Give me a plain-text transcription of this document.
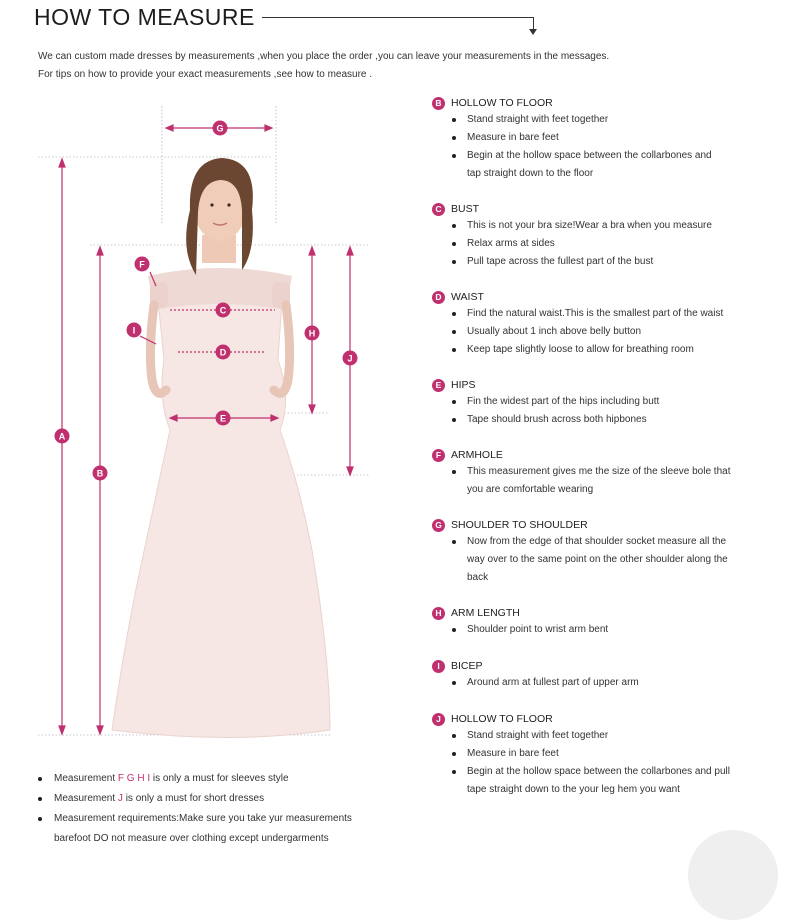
HOW TO MEASURE
We can custom made dresses by measurements ,when you place the order ,you can leave your measurements in the messages.
For tips on how to provide your exact measurements ,see how to measure .
G
F
C
I	H
D
J
E
A
B
B HOLLOW TO FLOOR
Stand straight with feet together
Measure in bare feet
Begin at the hollow space between the collarbones and
tap straight down to the floor
C BUST
This is not your bra size!Wear a bra when you measure
Relax arms at sides
Pull tape across the fullest part of the bust
D WAIST
Find the natural waist.This is the smallest part of the waist
Usually about 1 inch above belly button
Keep tape slightly loose to allow for breathing room
E HIPS
Fin the widest part of the hips including butt
Tape should brush across both hipbones
F ARMHOLE
This measurement gives me the size of the sleeve bole that
you are comfortable wearing
G SHOULDER TO SHOULDER
Now from the edge of that shoulder socket measure all the
way over to the same point on the other shoulder along the
back
H ARM LENGTH
Shoulder point to wrist arm bent
I	BICEP
Around arm at fullest part of upper arm
J HOLLOW TO FLOOR
Stand straight with feet together
Measure in bare feet
Begin at the hollow space between the collarbones and pull
tape straight down to the your leg hem you want
Measurement F G H I is only a must for sleeves style
Measurement J is only a must for short dresses
Measurement requirements:Make sure you take yur measurements
barefoot DO not measure over clothing except undergarments
